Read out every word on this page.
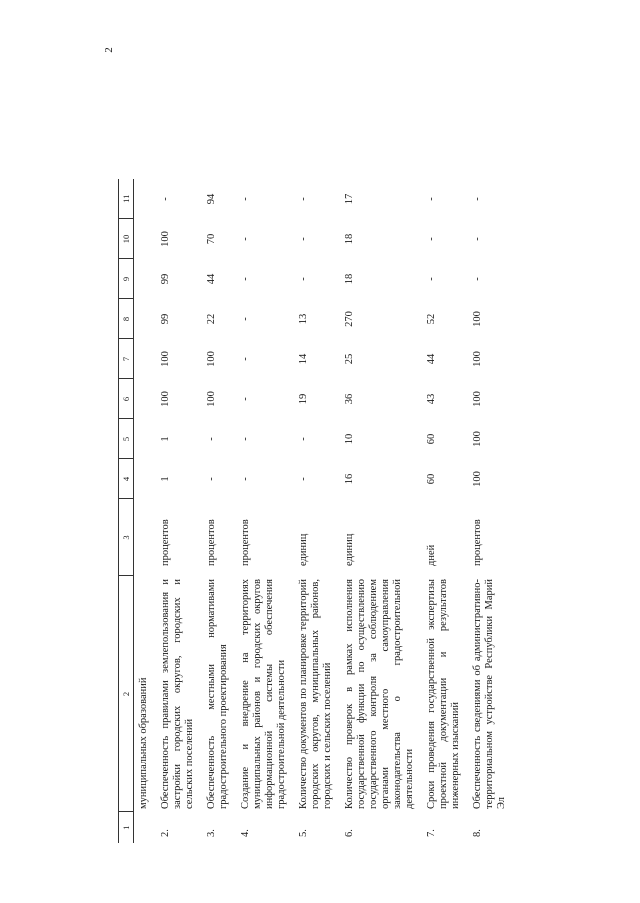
2
1	2	3	4	5	6	7	8	9	10	11
	муниципальных образований									
2.	Обеспеченность правилами землепользования и застройки городских округов, городских и сельских поселений	процентов	1	1	100	100	99	99	100	-
3.	Обеспеченность местными нормативами градостроительного проектирования	процентов	-	-	100	100	22	44	70	94
4.	Создание и внедрение на территориях муниципальных районов и городских округов информационной системы обеспечения градостроительной деятельности	процентов	-	-	-	-	-	-	-	-
5.	Количество документов по планировке территорий городских округов, муниципальных районов, городских и сельских поселений	единиц	-	-	19	14	13	-	-	-
6.	Количество проверок в рамках исполнения государственной функции по осуществлению государственного контроля за соблюдением органами местного самоуправления законодательства о градостроительной деятельности	единиц	16	10	36	25	270	18	18	17
7.	Сроки проведения государственной экспертизы проектной документации и результатов инженерных изысканий	дней	60	60	43	44	52	-	-	-
8.	Обеспеченность сведениями об административно-территориальном устройстве Республики Марий Эл	процентов	100	100	100	100	100	-	-	-
